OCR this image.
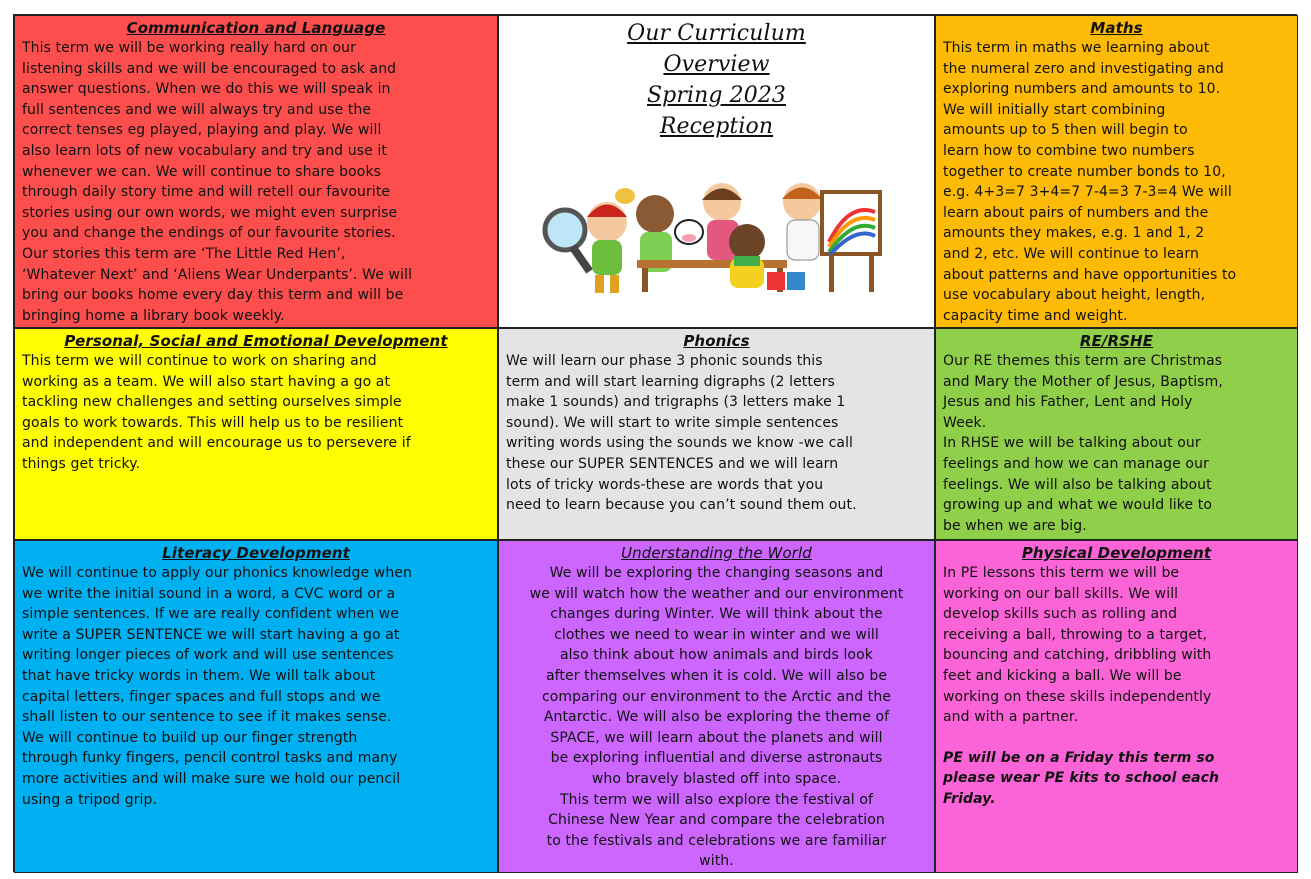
Communication and Language
This term we will be working really hard on our
listening skills and we will be encouraged to ask and
answer questions. When we do this we will speak in
full sentences and we will always try and use the
correct tenses eg played, playing and play. We will
also learn lots of new vocabulary and try and use it
whenever we can. We will continue to share books
through daily story time and will retell our favourite
stories using our own words, we might even surprise
you and change the endings of our favourite stories.
Our stories this term are ‘The Little Red Hen’,
‘Whatever Next’ and ‘Aliens Wear Underpants’. We will
bring our books home every day this term and will be
bringing home a library book weekly.
Our Curriculum
Overview
Spring 2023
Reception
Maths
This term in maths we learning about
the numeral zero and investigating and
exploring numbers and amounts to 10.
We will initially start combining
amounts up to 5 then will begin to
learn how to combine two numbers
together to create number bonds to 10,
e.g. 4+3=7 3+4=7 7-4=3 7-3=4 We will
learn about pairs of numbers and the
amounts they makes, e.g. 1 and 1, 2
and 2, etc. We will continue to learn
about patterns and have opportunities to
use vocabulary about height, length,
capacity time and weight.
Personal, Social and Emotional Development
This term we will continue to work on sharing and
working as a team. We will also start having a go at
tackling new challenges and setting ourselves simple
goals to work towards. This will help us to be resilient
and independent and will encourage us to persevere if
things get tricky.
Phonics
We will learn our phase 3 phonic sounds this
term and will start learning digraphs (2 letters
make 1 sounds) and trigraphs (3 letters make 1
sound). We will start to write simple sentences
writing words using the sounds we know -we call
these our SUPER SENTENCES and we will learn
lots of tricky words-these are words that you
need to learn because you can’t sound them out.
RE/RSHE
Our RE themes this term are Christmas
and Mary the Mother of Jesus, Baptism,
Jesus and his Father, Lent and Holy
Week.
In RHSE we will be talking about our
feelings and how we can manage our
feelings. We will also be talking about
growing up and what we would like to
be when we are big.
Literacy Development
We will continue to apply our phonics knowledge when
we write the initial sound in a word, a CVC word or a
simple sentences. If we are really confident when we
write a SUPER SENTENCE we will start having a go at
writing longer pieces of work and will use sentences
that have tricky words in them. We will talk about
capital letters, finger spaces and full stops and we
shall listen to our sentence to see if it makes sense.
We will continue to build up our finger strength
through funky fingers, pencil control tasks and many
more activities and will make sure we hold our pencil
using a tripod grip.
Understanding the World
We will be exploring the changing seasons and
we will watch how the weather and our environment
changes during Winter. We will think about the
clothes we need to wear in winter and we will
also think about how animals and birds look
after themselves when it is cold. We will also be
comparing our environment to the Arctic and the
Antarctic. We will also be exploring the theme of
SPACE, we will learn about the planets and will
be exploring influential and diverse astronauts
who bravely blasted off into space.
This term we will also explore the festival of
Chinese New Year and compare the celebration
to the festivals and celebrations we are familiar
with.
Physical Development
In PE lessons this term we will be
working on our ball skills. We will
develop skills such as rolling and
receiving a ball, throwing to a target,
bouncing and catching, dribbling with
feet and kicking a ball. We will be
working on these skills independently
and with a partner.
PE will be on a Friday this term so
please wear PE kits to school each
Friday.
